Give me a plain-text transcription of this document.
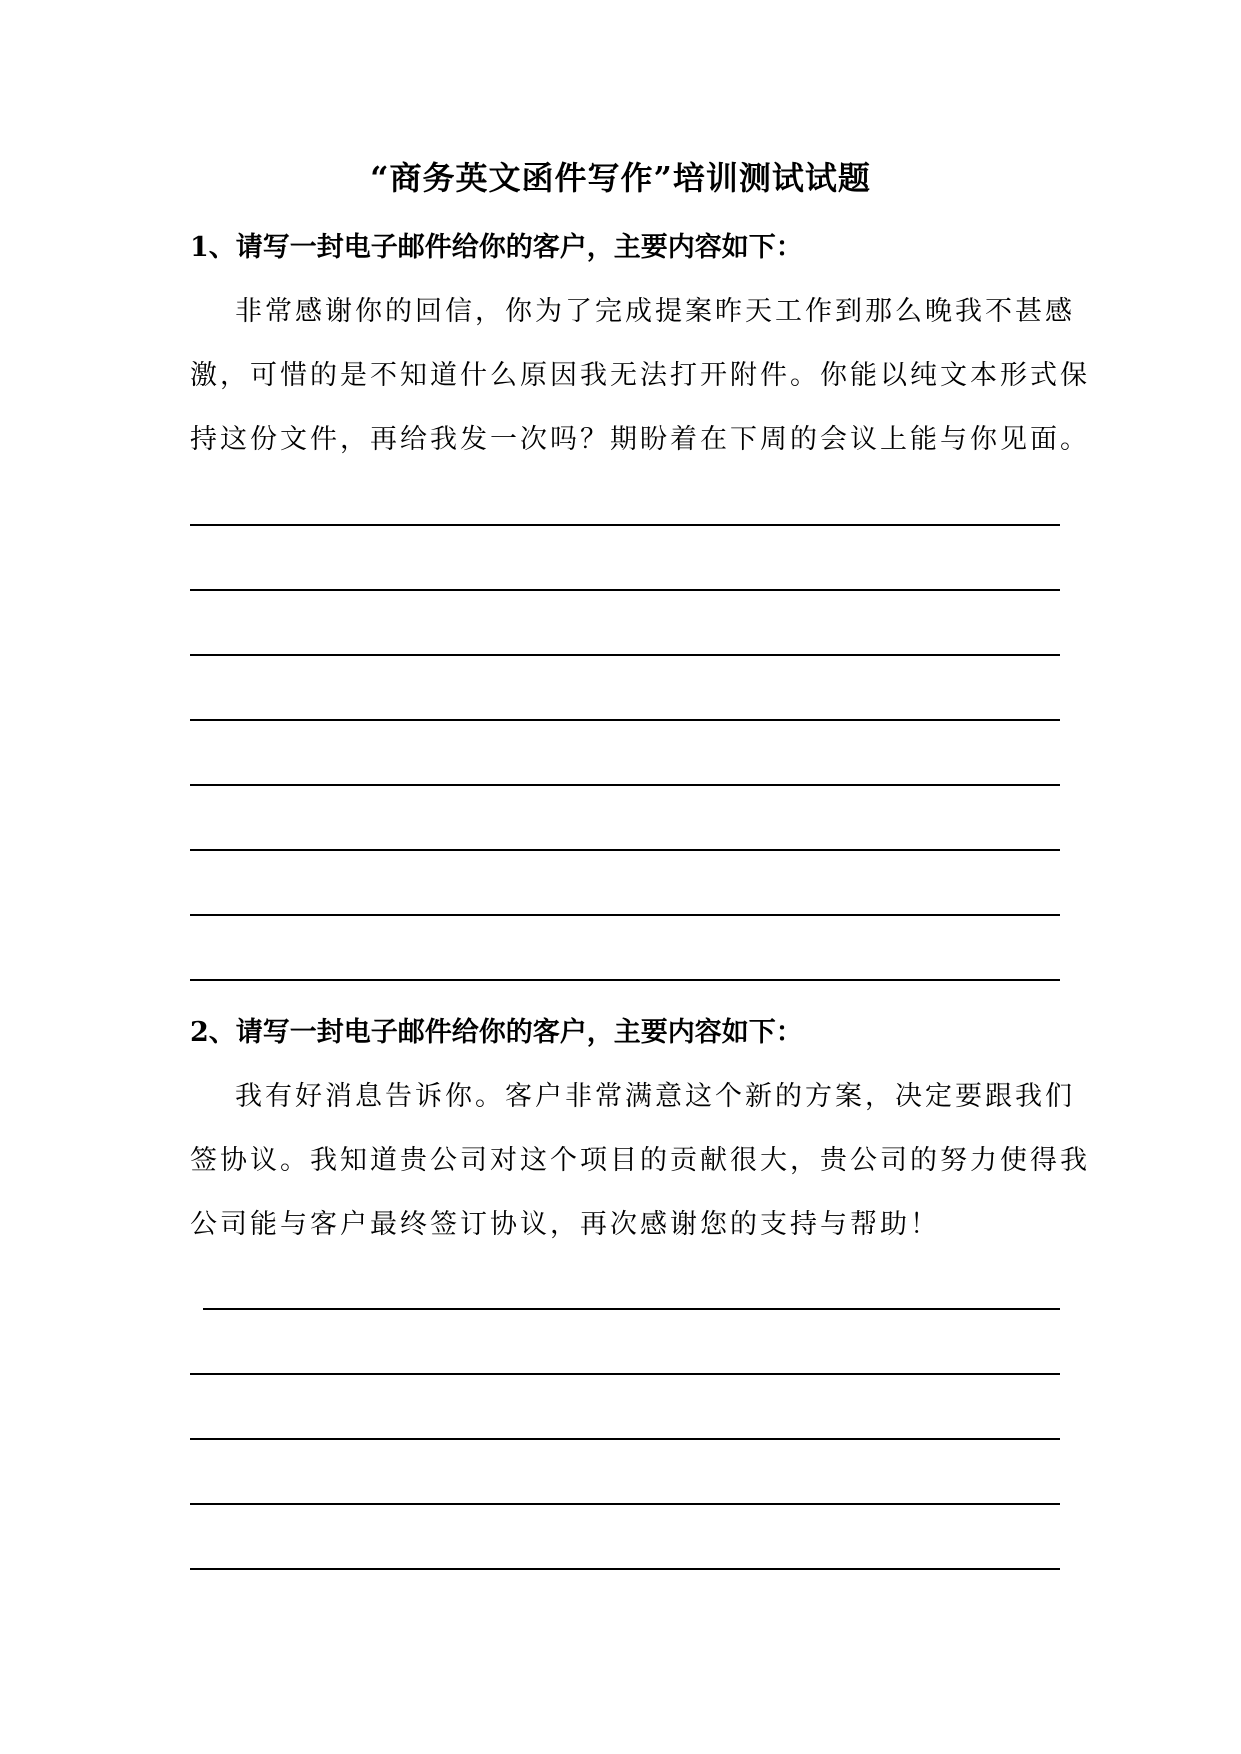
“商务英文函件写作”培训测试试题
1、请写一封电子邮件给你的客户，主要内容如下：
非常感谢你的回信，你为了完成提案昨天工作到那么晚我不甚感
激，可惜的是不知道什么原因我无法打开附件。你能以纯文本形式保
持这份文件，再给我发一次吗？期盼着在下周的会议上能与你见面。
2、请写一封电子邮件给你的客户，主要内容如下：
我有好消息告诉你。客户非常满意这个新的方案，决定要跟我们
签协议。我知道贵公司对这个项目的贡献很大，贵公司的努力使得我
公司能与客户最终签订协议，再次感谢您的支持与帮助！
